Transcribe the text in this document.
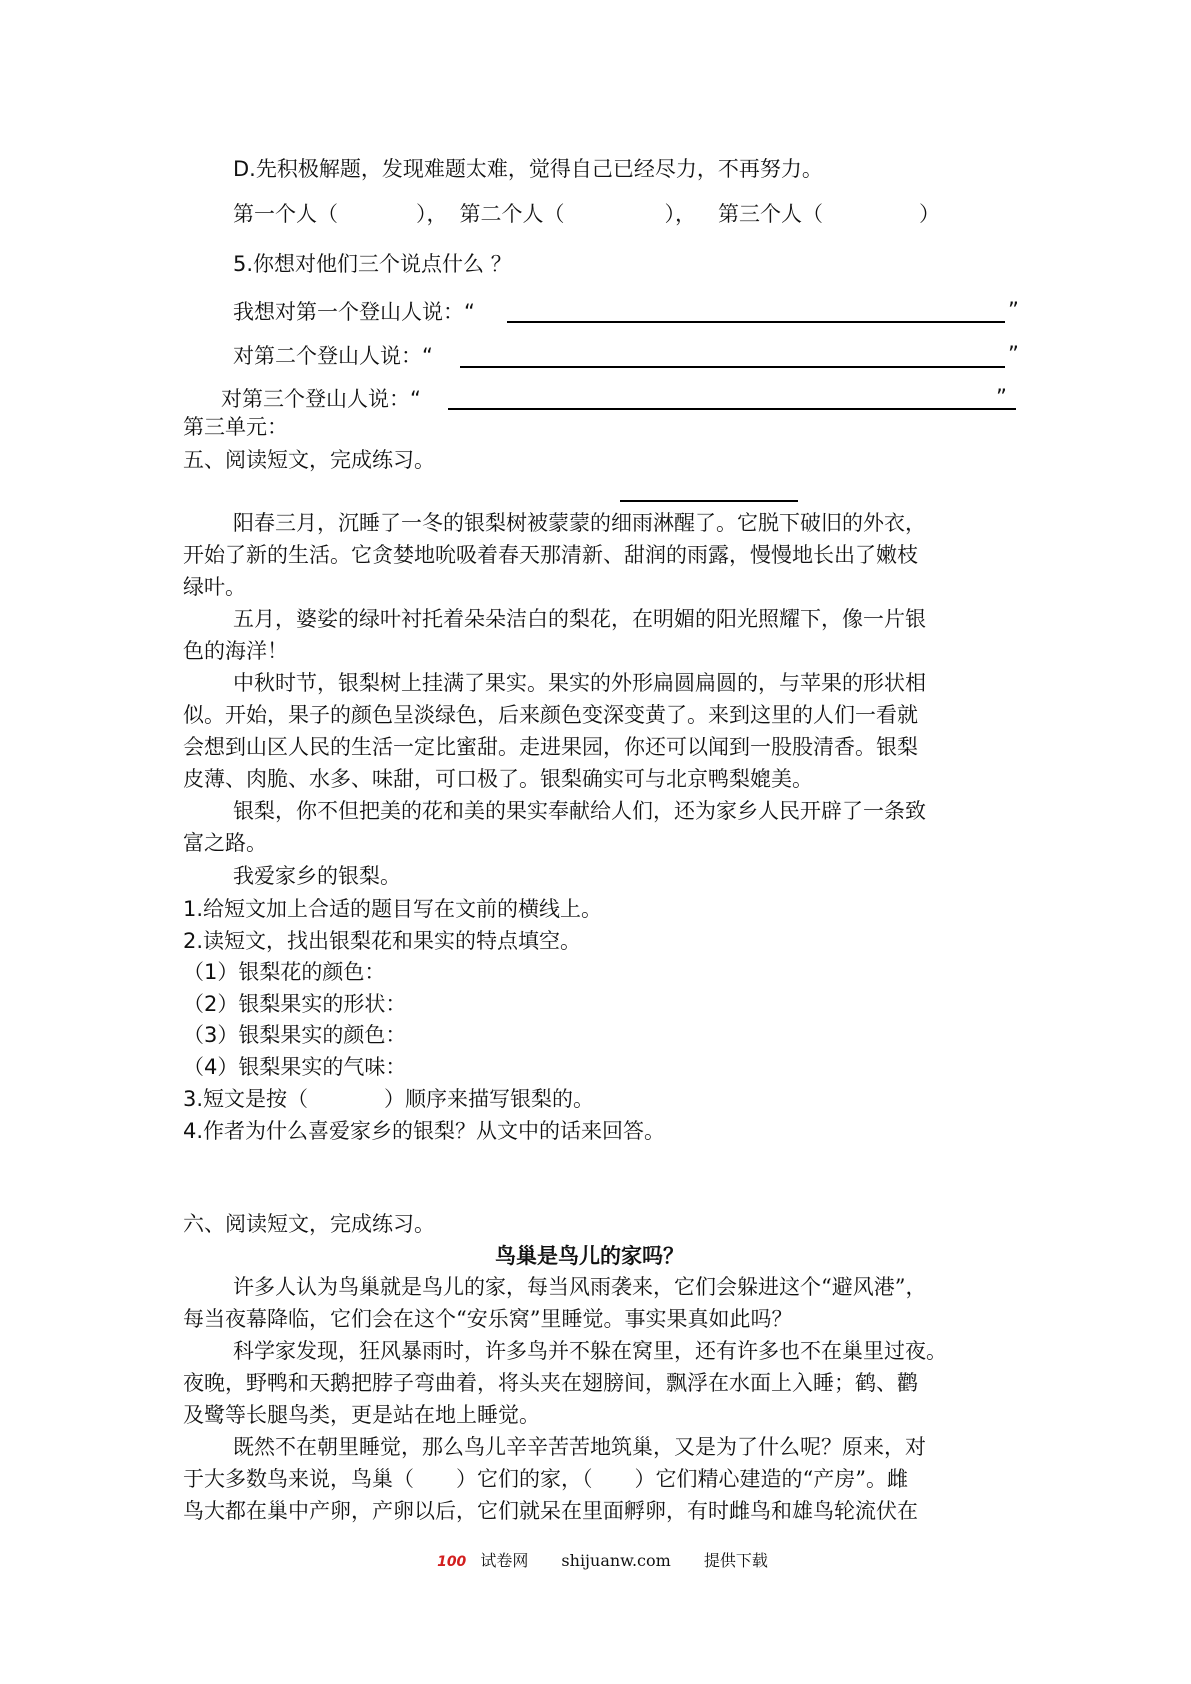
D.先积极解题，发现难题太难，觉得自己已经尽力，不再努力。
第一个人（	）， 第二个人（	）， 第三个人（	）
5.你想对他们三个说点什么 ？
我想对第一个登山人说：“	”
对第二个登山人说：“	”
对第三个登山人说：“	”
第三单元：
五、阅读短文，完成练习。
阳春三月，沉睡了一冬的银梨树被蒙蒙的细雨淋醒了。它脱下破旧的外衣，
开始了新的生活。它贪婪地吮吸着春天那清新、甜润的雨露，慢慢地长出了嫩枝
绿叶。
五月，婆娑的绿叶衬托着朵朵洁白的梨花，在明媚的阳光照耀下，像一片银
色的海洋！
中秋时节，银梨树上挂满了果实。果实的外形扁圆扁圆的，与苹果的形状相
似。开始，果子的颜色呈淡绿色，后来颜色变深变黄了。来到这里的人们一看就
会想到山区人民的生活一定比蜜甜。走进果园，你还可以闻到一股股清香。银梨
皮薄、肉脆、水多、味甜，可口极了。银梨确实可与北京鸭梨媲美。
银梨，你不但把美的花和美的果实奉献给人们，还为家乡人民开辟了一条致
富之路。
我爱家乡的银梨。
1.给短文加上合适的题目写在文前的横线上。
2.读短文，找出银梨花和果实的特点填空。
（1）银梨花的颜色：
（2）银梨果实的形状：
（3）银梨果实的颜色：
（4）银梨果实的气味：
3.短文是按（	）顺序来描写银梨的。
4.作者为什么喜爱家乡的银梨？从文中的话来回答。
六、阅读短文，完成练习。
鸟巢是鸟儿的家吗？
许多人认为鸟巢就是鸟儿的家，每当风雨袭来，它们会躲进这个“避风港”，
每当夜幕降临，它们会在这个“安乐窝”里睡觉。事实果真如此吗？
科学家发现，狂风暴雨时，许多鸟并不躲在窝里，还有许多也不在巢里过夜。
夜晚，野鸭和天鹅把脖子弯曲着，将头夹在翅膀间，飘浮在水面上入睡；鹤、鹳
及鹭等长腿鸟类，更是站在地上睡觉。
既然不在朝里睡觉，那么鸟儿辛辛苦苦地筑巢，又是为了什么呢？原来，对
于大多数鸟来说，鸟巢（　　）它们的家，（　　）它们精心建造的“产房”。雌
鸟大都在巢中产卵，产卵以后，它们就呆在里面孵卵，有时雌鸟和雄鸟轮流伏在
100 试卷网 shijuanw.com 提供下载
